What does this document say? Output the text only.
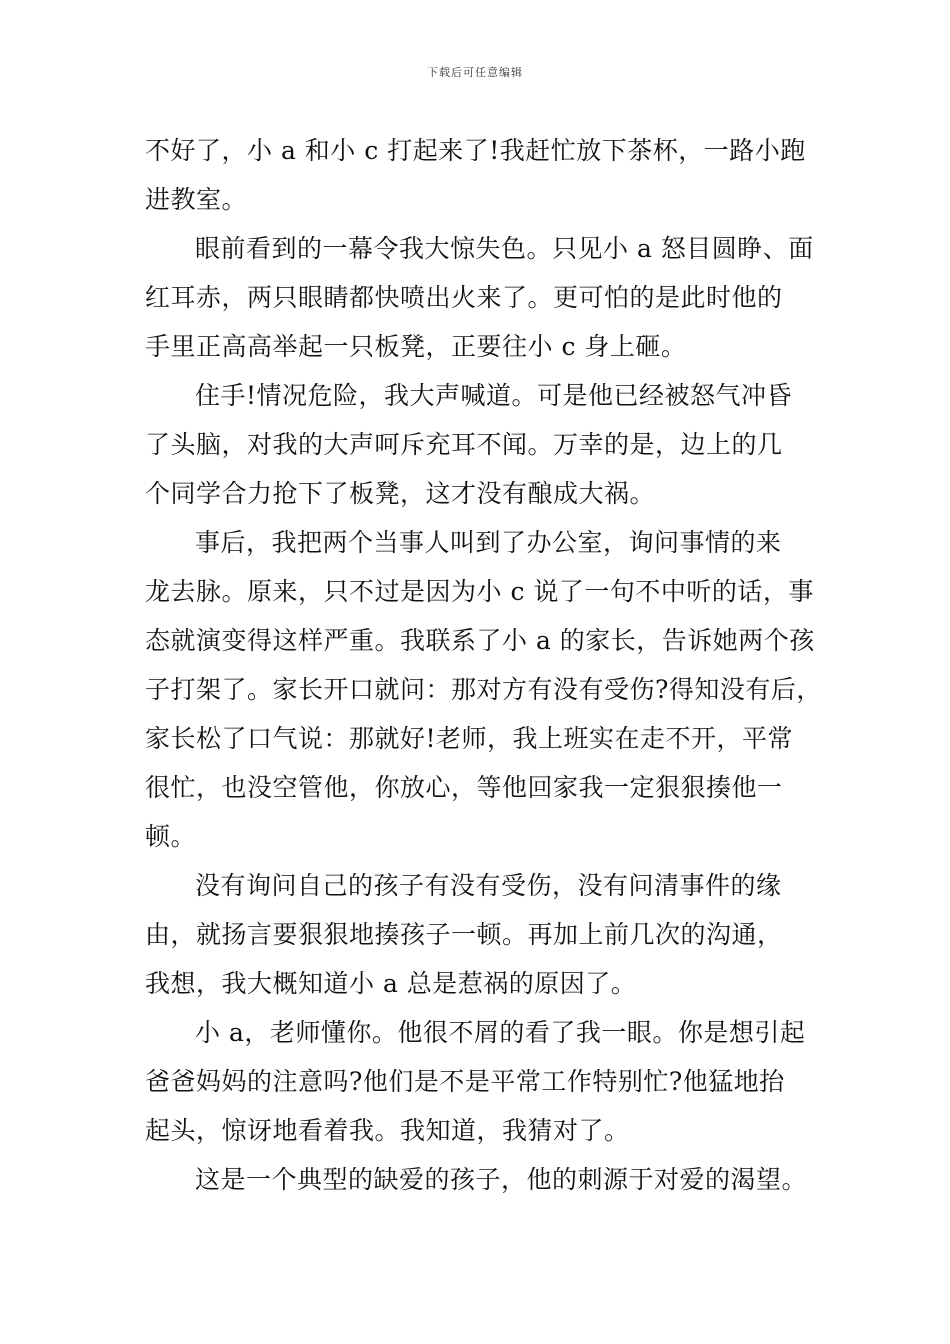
下载后可任意编辑
不好了，小 a 和小 c 打起来了!我赶忙放下茶杯，一路小跑
进教室。
眼前看到的一幕令我大惊失色。只见小 a 怒目圆睁、面
红耳赤，两只眼睛都快喷出火来了。更可怕的是此时他的
手里正高高举起一只板凳，正要往小 c 身上砸。
住手!情况危险，我大声喊道。可是他已经被怒气冲昏
了头脑，对我的大声呵斥充耳不闻。万幸的是，边上的几
个同学合力抢下了板凳，这才没有酿成大祸。
事后，我把两个当事人叫到了办公室，询问事情的来
龙去脉。原来，只不过是因为小 c 说了一句不中听的话，事
态就演变得这样严重。我联系了小 a 的家长，告诉她两个孩
子打架了。家长开口就问：那对方有没有受伤?得知没有后，
家长松了口气说：那就好!老师，我上班实在走不开，平常
很忙，也没空管他，你放心，等他回家我一定狠狠揍他一
顿。
没有询问自己的孩子有没有受伤，没有问清事件的缘
由，就扬言要狠狠地揍孩子一顿。再加上前几次的沟通，
我想，我大概知道小 a 总是惹祸的原因了。
小 a，老师懂你。他很不屑的看了我一眼。你是想引起
爸爸妈妈的注意吗?他们是不是平常工作特别忙?他猛地抬
起头，惊讶地看着我。我知道，我猜对了。
这是一个典型的缺爱的孩子，他的刺源于对爱的渴望。
